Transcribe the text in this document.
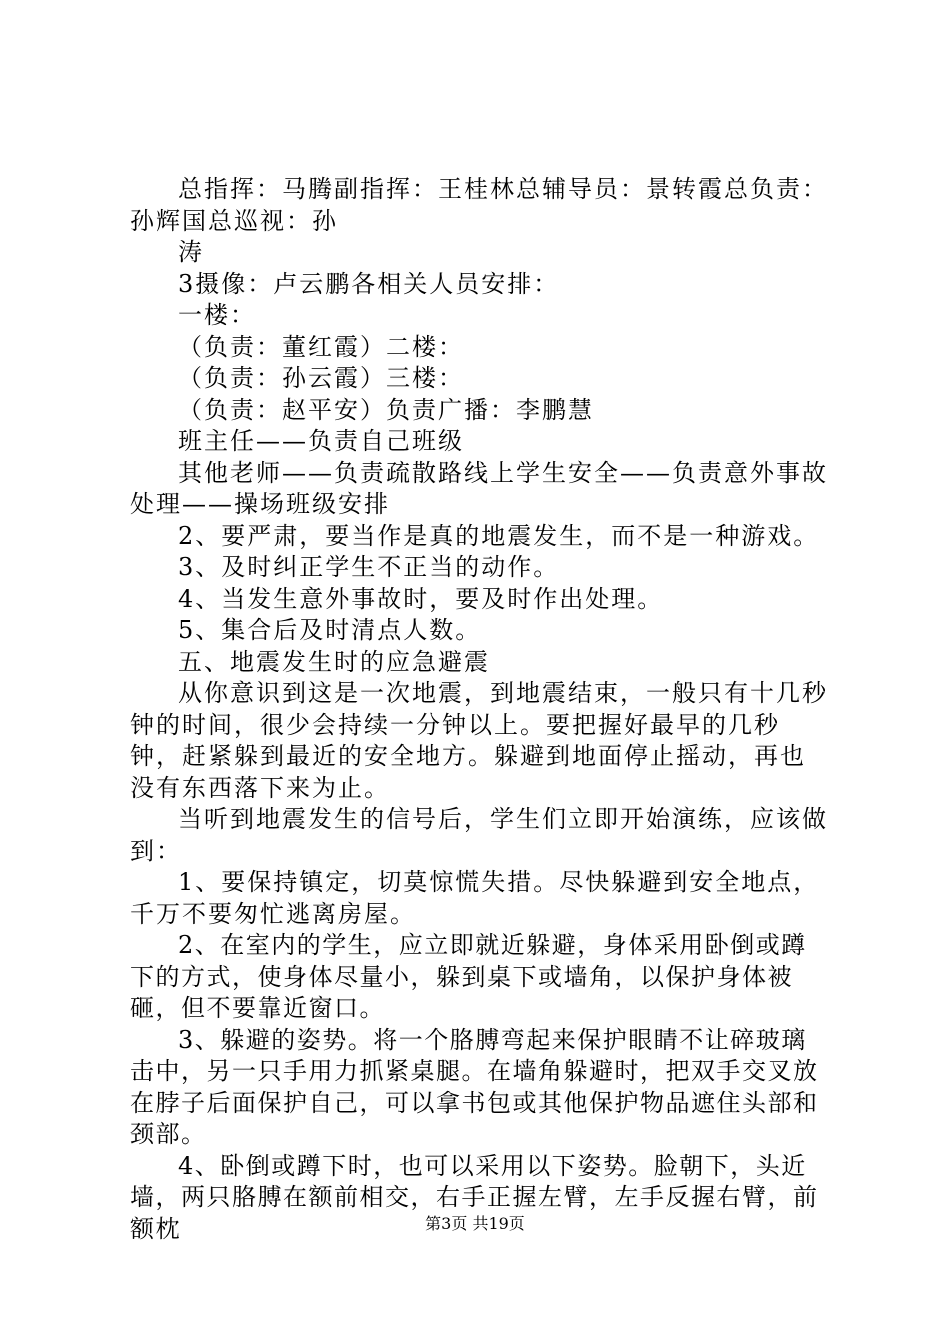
总指挥：马腾副指挥：王桂林总辅导员：景转霞总负责：孙辉国总巡视：孙

涛

3摄像：卢云鹏各相关人员安排：

一楼：

（负责：董红霞）二楼：

（负责：孙云霞）三楼：

（负责：赵平安）负责广播：李鹏慧

班主任——负责自己班级

其他老师——负责疏散路线上学生安全——负责意外事故处理——操场班级安排

2、要严肃，要当作是真的地震发生，而不是一种游戏。

3、及时纠正学生不正当的动作。

4、当发生意外事故时，要及时作出处理。

5、集合后及时清点人数。

五、地震发生时的应急避震

从你意识到这是一次地震，到地震结束，一般只有十几秒钟的时间，很少会持续一分钟以上。要把握好最早的几秒钟，赶紧躲到最近的安全地方。躲避到地面停止摇动，再也没有东西落下来为止。

当听到地震发生的信号后，学生们立即开始演练，应该做到：

1、要保持镇定，切莫惊慌失措。尽快躲避到安全地点，千万不要匆忙逃离房屋。

2、在室内的学生，应立即就近躲避，身体采用卧倒或蹲下的方式，使身体尽量小，躲到桌下或墙角，以保护身体被砸，但不要靠近窗口。

3、躲避的姿势。将一个胳膊弯起来保护眼睛不让碎玻璃击中，另一只手用力抓紧桌腿。在墙角躲避时，把双手交叉放在脖子后面保护自己，可以拿书包或其他保护物品遮住头部和颈部。

4、卧倒或蹲下时，也可以采用以下姿势。脸朝下，头近墙，两只胳膊在额前相交，右手正握左臂，左手反握右臂，前额枕	第3页 共19页
